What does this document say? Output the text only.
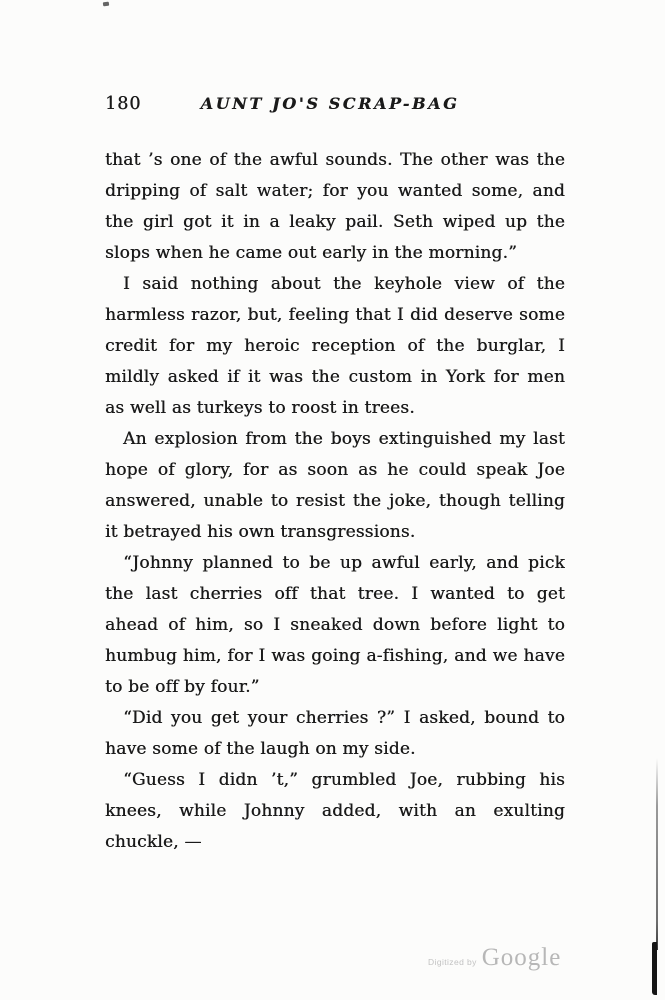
180	AUNT JO'S SCRAP-BAG
that ’s one of the awful sounds. The other was the
dripping of salt water; for you wanted some, and
the girl got it in a leaky pail. Seth wiped up the
slops when he came out early in the morning.”
I said nothing about the keyhole view of the
harmless razor, but, feeling that I did deserve some
credit for my heroic reception of the burglar, I
mildly asked if it was the custom in York for men
as well as turkeys to roost in trees.
An explosion from the boys extinguished my last
hope of glory, for as soon as he could speak Joe
answered, unable to resist the joke, though telling
it betrayed his own transgressions.
“Johnny planned to be up awful early, and pick
the last cherries off that tree. I wanted to get
ahead of him, so I sneaked down before light to
humbug him, for I was going a-fishing, and we have
to be off by four.”
“Did you get your cherries ?” I asked, bound to
have some of the laugh on my side.
“Guess I didn ’t,” grumbled Joe, rubbing his
knees, while Johnny added, with an exulting
chuckle, —
Digitized by Google
